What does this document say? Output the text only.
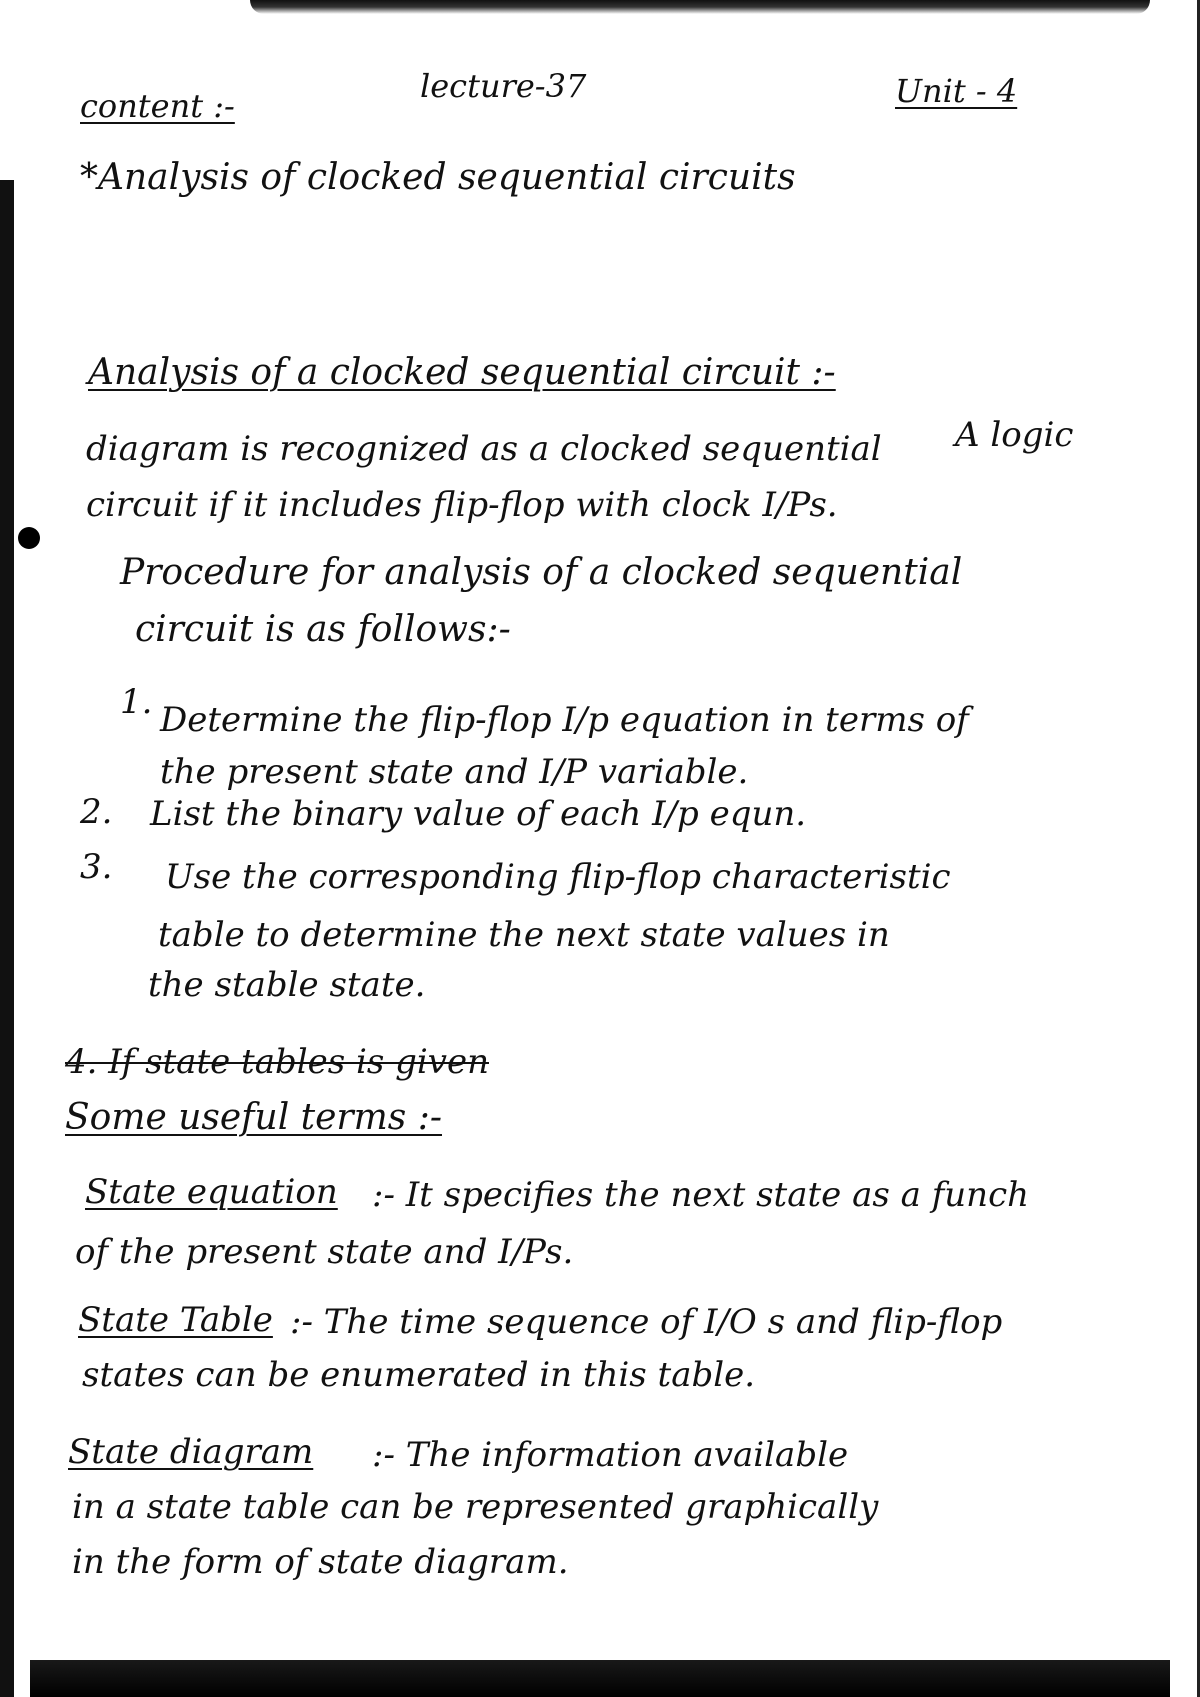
content :-
lecture-37	Unit - 4
*Analysis of clocked sequential circuits
Analysis of a clocked sequential circuit :-
A logic
diagram is recognized as a clocked sequential
circuit if it includes flip-flop with clock I/Ps.
Procedure for analysis of a clocked sequential
circuit is as follows:-
1. Determine the flip-flop I/p equation in terms of
the present state and I/P variable.
2. List the binary value of each I/p equn.
3. Use the corresponding flip-flop characteristic
table to determine the next state values in
the stable state.
4. If state tables is given
Some useful terms :-
State equation :- It specifies the next state as a funch
of the present state and I/Ps.
State Table :- The time sequence of I/O s and flip-flop
states can be enumerated in this table.
State diagram :- The information available
in a state table can be represented graphically
in the form of state diagram.
